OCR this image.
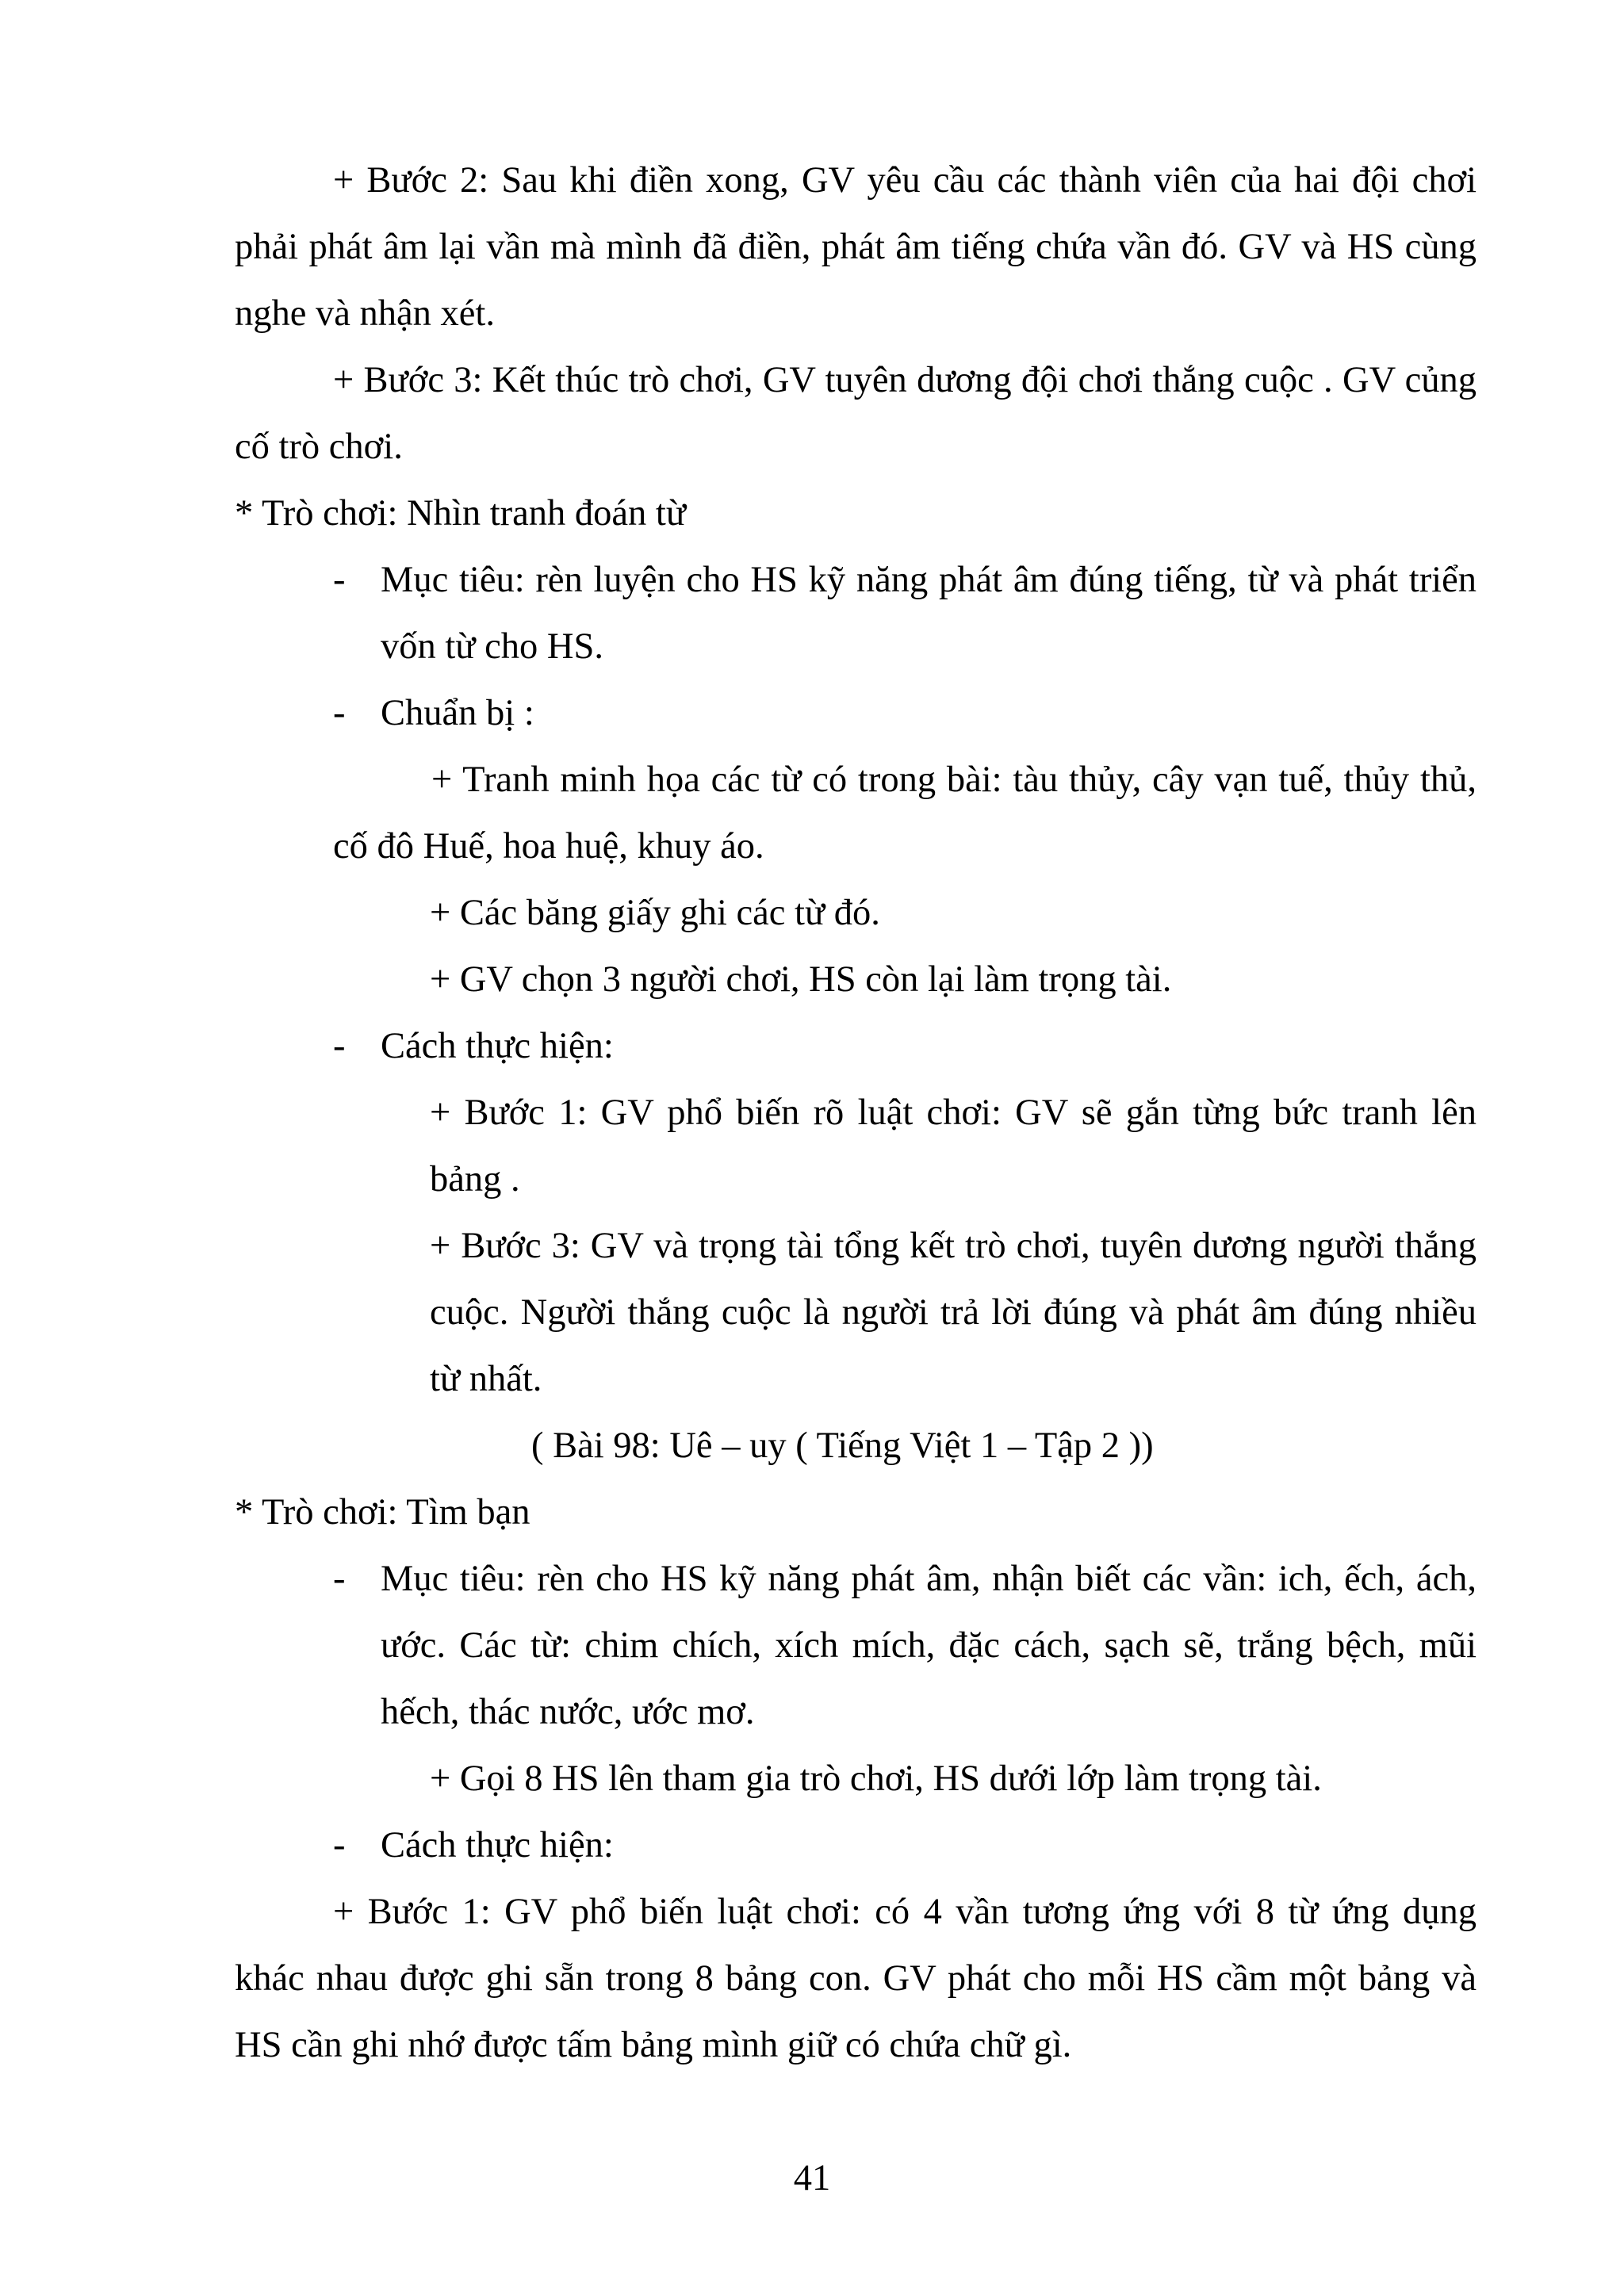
+ Bước 2: Sau khi điền xong, GV yêu cầu các thành viên của hai đội chơi phải phát âm lại vần mà mình đã điền, phát âm tiếng chứa vần đó. GV và HS cùng nghe và nhận xét.

+ Bước 3: Kết thúc trò chơi, GV tuyên dương đội chơi thắng cuộc . GV củng cố trò chơi.

* Trò chơi: Nhìn tranh đoán từ

- Mục tiêu: rèn luyện cho HS kỹ năng phát âm đúng tiếng, từ và phát triển vốn từ cho HS.

- Chuẩn bị :

+ Tranh minh họa các từ có trong bài: tàu thủy, cây vạn tuế, thủy thủ, cố đô Huế, hoa huệ, khuy áo.

+ Các băng giấy ghi các từ đó.

+ GV chọn 3 người chơi, HS còn lại làm trọng tài.

- Cách thực hiện:

+ Bước 1: GV phổ biến rõ luật chơi: GV sẽ gắn từng bức tranh lên bảng .

+ Bước 3: GV và trọng tài tổng kết trò chơi, tuyên dương người thắng cuộc. Người thắng cuộc là người trả lời đúng và phát âm đúng nhiều từ nhất.

( Bài 98: Uê – uy ( Tiếng Việt 1 – Tập 2 ))

* Trò chơi: Tìm bạn

- Mục tiêu: rèn cho HS kỹ năng phát âm, nhận biết các vần: ich, ếch, ách, ước. Các từ: chim chích, xích mích, đặc cách, sạch sẽ, trắng bệch, mũi hếch, thác nước, ước mơ.

+ Gọi 8 HS lên tham gia trò chơi, HS dưới lớp làm trọng tài.

- Cách thực hiện:

+ Bước 1: GV phổ biến luật chơi: có 4 vần tương ứng với 8 từ ứng dụng khác nhau được ghi sẵn trong 8 bảng con. GV phát cho mỗi HS cầm một bảng và HS cần ghi nhớ được tấm bảng mình giữ có chứa chữ gì.

41
